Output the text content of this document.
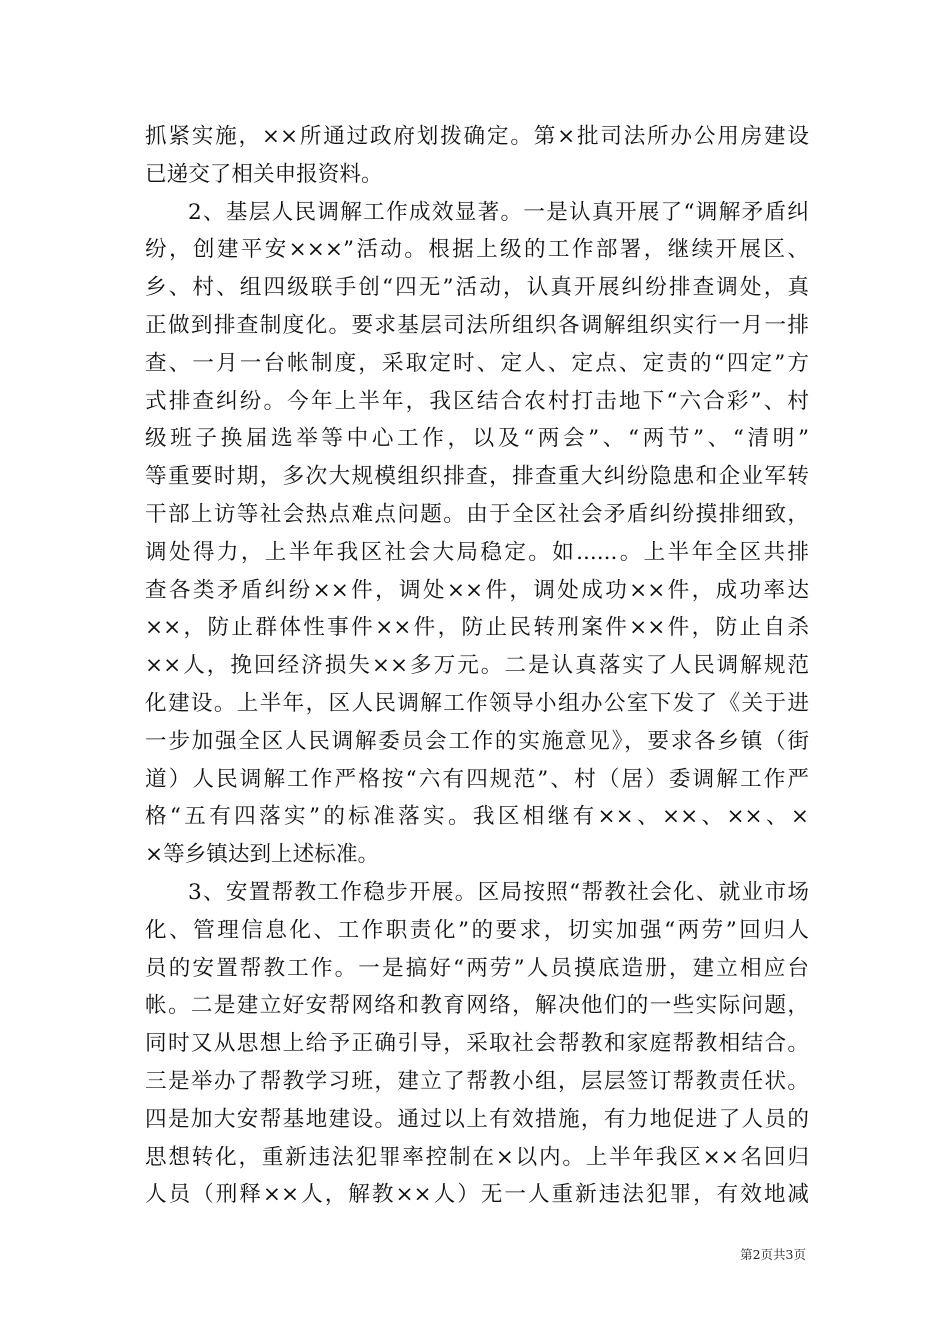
抓紧实施，××所通过政府划拨确定。第×批司法所办公用房建设
已递交了相关申报资料。
2、基层人民调解工作成效显著。一是认真开展了“调解矛盾纠
纷，创建平安×××”活动。根据上级的工作部署，继续开展区、
乡、村、组四级联手创“四无”活动，认真开展纠纷排查调处，真
正做到排查制度化。要求基层司法所组织各调解组织实行一月一排
查、一月一台帐制度，采取定时、定人、定点、定责的“四定”方
式排查纠纷。今年上半年，我区结合农村打击地下“六合彩”、村
级班子换届选举等中心工作，以及“两会”、“两节”、“清明”
等重要时期，多次大规模组织排查，排查重大纠纷隐患和企业军转
干部上访等社会热点难点问题。由于全区社会矛盾纠纷摸排细致，
调处得力，上半年我区社会大局稳定。如......。上半年全区共排
查各类矛盾纠纷××件，调处××件，调处成功××件，成功率达
××，防止群体性事件××件，防止民转刑案件××件，防止自杀
××人，挽回经济损失××多万元。二是认真落实了人民调解规范
化建设。上半年，区人民调解工作领导小组办公室下发了《关于进
一步加强全区人民调解委员会工作的实施意见》，要求各乡镇（街
道）人民调解工作严格按“六有四规范”、村（居）委调解工作严
格“五有四落实”的标准落实。我区相继有××、××、××、×
×等乡镇达到上述标准。
3、安置帮教工作稳步开展。区局按照“帮教社会化、就业市场
化、管理信息化、工作职责化”的要求，切实加强“两劳”回归人
员的安置帮教工作。一是搞好“两劳”人员摸底造册，建立相应台
帐。二是建立好安帮网络和教育网络，解决他们的一些实际问题，
同时又从思想上给予正确引导，采取社会帮教和家庭帮教相结合。
三是举办了帮教学习班，建立了帮教小组，层层签订帮教责任状。
四是加大安帮基地建设。通过以上有效措施，有力地促进了人员的
思想转化，重新违法犯罪率控制在×以内。上半年我区××名回归
人员（刑释××人，解教××人）无一人重新违法犯罪，有效地减
第2页共3页
